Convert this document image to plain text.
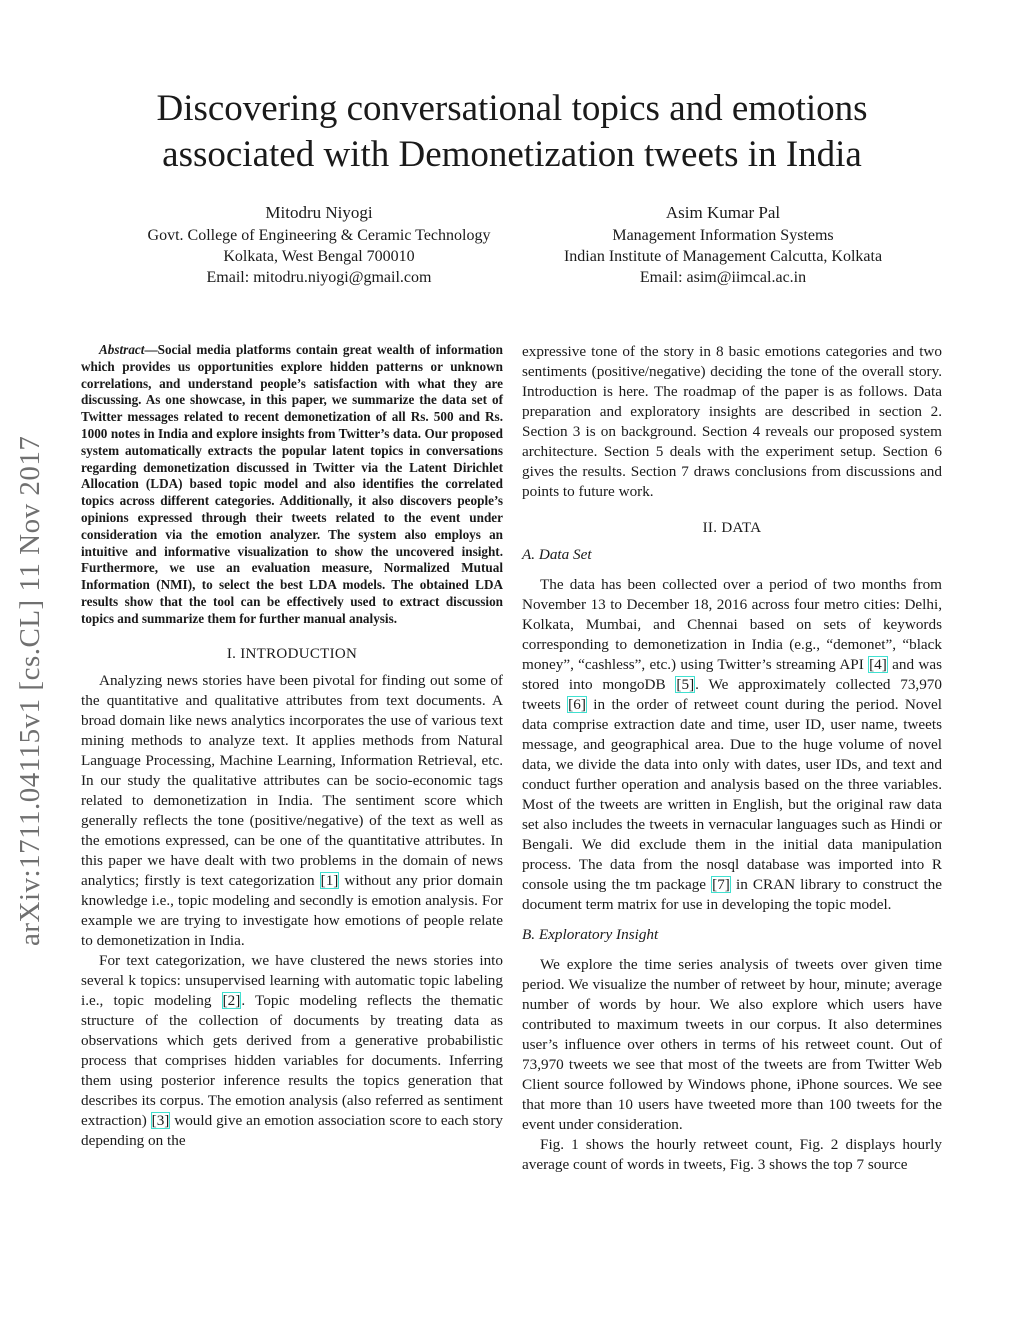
Discovering conversational topics and emotions associated with Demonetization tweets in India
Mitodru Niyogi
Govt. College of Engineering & Ceramic Technology
Kolkata, West Bengal 700010
Email: mitodru.niyogi@gmail.com
Asim Kumar Pal
Management Information Systems
Indian Institute of Management Calcutta, Kolkata
Email: asim@iimcal.ac.in
arXiv:1711.04115v1 [cs.CL] 11 Nov 2017

Abstract—Social media platforms contain great wealth of information which provides us opportunities explore hidden patterns or unknown correlations, and understand people’s satisfaction with what they are discussing. As one showcase, in this paper, we summarize the data set of Twitter messages related to recent demonetization of all Rs. 500 and Rs. 1000 notes in India and explore insights from Twitter’s data. Our proposed system automatically extracts the popular latent topics in conversations regarding demonetization discussed in Twitter via the Latent Dirichlet Allocation (LDA) based topic model and also identifies the correlated topics across different categories. Additionally, it also discovers people’s opinions expressed through their tweets related to the event under consideration via the emotion analyzer. The system also employs an intuitive and informative visualization to show the uncovered insight. Furthermore, we use an evaluation measure, Normalized Mutual Information (NMI), to select the best LDA models. The obtained LDA results show that the tool can be effectively used to extract discussion topics and summarize them for further manual analysis.

I. INTRODUCTION

Analyzing news stories have been pivotal for finding out some of the quantitative and qualitative attributes from text documents. A broad domain like news analytics incorporates the use of various text mining methods to analyze text. It applies methods from Natural Language Processing, Machine Learning, Information Retrieval, etc. In our study the qualitative attributes can be socio-economic tags related to demonetization in India. The sentiment score which generally reflects the tone (positive/negative) of the text as well as the emotions expressed, can be one of the quantitative attributes. In this paper we have dealt with two problems in the domain of news analytics; firstly is text categorization [1] without any prior domain knowledge i.e., topic modeling and secondly is emotion analysis. For example we are trying to investigate how emotions of people relate to demonetization in India.

For text categorization, we have clustered the news stories into several k topics: unsupervised learning with automatic topic labeling i.e., topic modeling [2]. Topic modeling reflects the thematic structure of the collection of documents by treating data as observations which gets derived from a generative probabilistic process that comprises hidden variables for documents. Inferring them using posterior inference results the topics generation that describes its corpus. The emotion analysis (also referred as sentiment extraction) [3] would give an emotion association score to each story depending on the

expressive tone of the story in 8 basic emotions categories and two sentiments (positive/negative) deciding the tone of the overall story. Introduction is here. The roadmap of the paper is as follows. Data preparation and exploratory insights are described in section 2. Section 3 is on background. Section 4 reveals our proposed system architecture. Section 5 deals with the experiment setup. Section 6 gives the results. Section 7 draws conclusions from discussions and points to future work.

II. DATA
A. Data Set

The data has been collected over a period of two months from November 13 to December 18, 2016 across four metro cities: Delhi, Kolkata, Mumbai, and Chennai based on sets of keywords corresponding to demonetization in India (e.g., “demonet”, “black money”, “cashless”, etc.) using Twitter’s streaming API [4] and was stored into mongoDB [5]. We approximately collected 73,970 tweets [6] in the order of retweet count during the period. Novel data comprise extraction date and time, user ID, user name, tweets message, and geographical area. Due to the huge volume of novel data, we divide the data into only with dates, user IDs, and text and conduct further operation and analysis based on the three variables. Most of the tweets are written in English, but the original raw data set also includes the tweets in vernacular languages such as Hindi or Bengali. We did exclude them in the initial data manipulation process. The data from the nosql database was imported into R console using the tm package [7] in CRAN library to construct the document term matrix for use in developing the topic model.

B. Exploratory Insight

We explore the time series analysis of tweets over given time period. We visualize the number of retweet by hour, minute; average number of words by hour. We also explore which users have contributed to maximum tweets in our corpus. It also determines user’s influence over others in terms of his retweet count. Out of 73,970 tweets we see that most of the tweets are from Twitter Web Client source followed by Windows phone, iPhone sources. We see that more than 10 users have tweeted more than 100 tweets for the event under consideration.

Fig. 1 shows the hourly retweet count, Fig. 2 displays hourly average count of words in tweets, Fig. 3 shows the top 7 source
